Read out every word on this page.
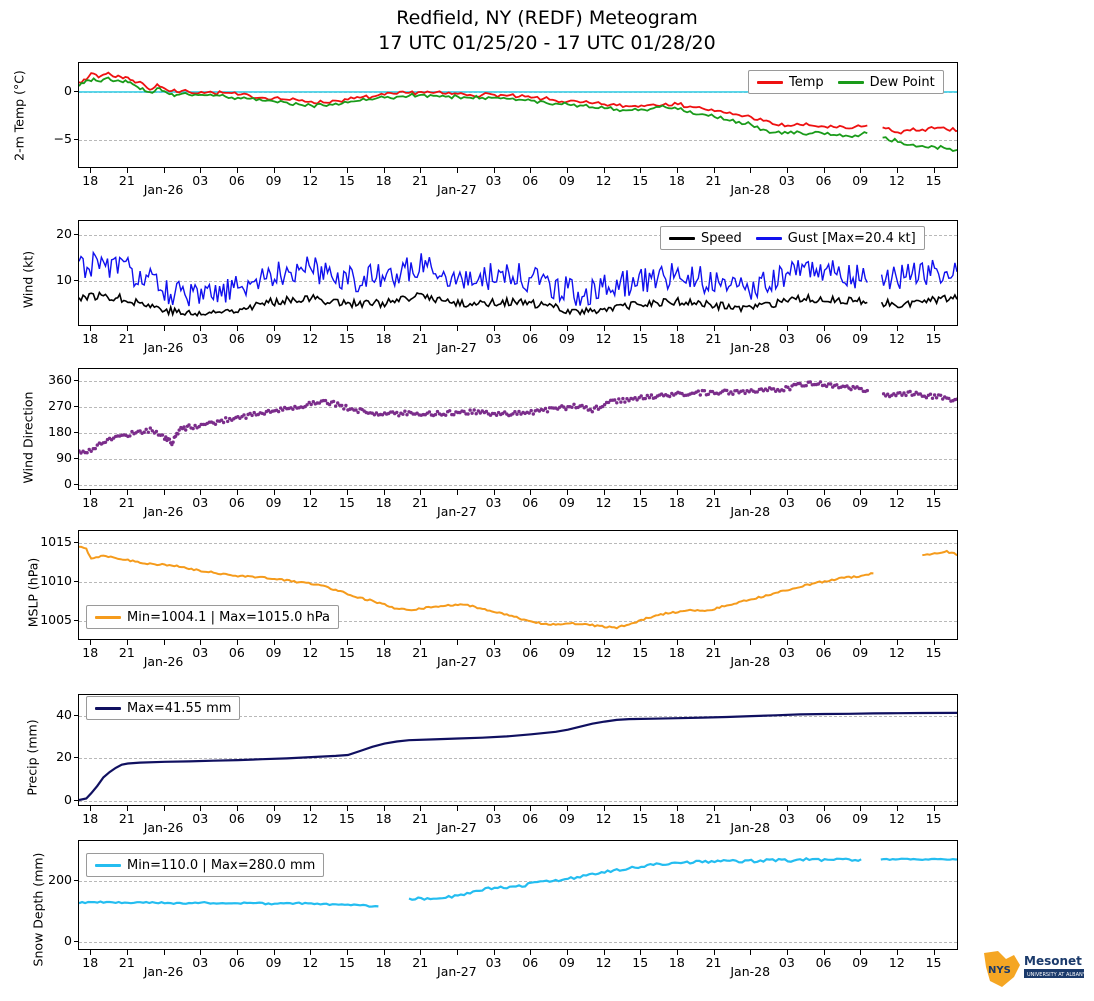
Redfield, NY (REDF) Meteogram
17 UTC 01/25/20 - 17 UTC 01/28/20
2-m Temp (°C)	Temp	Dew Point
Wind (kt)
Speed	Gust [Max=20.4 kt]
Wind Direction
MSLP (hPa)	Min=1004.1 | Max=1015.0 hPa
Precip (mm)
Max=41.55 mm
Snow Depth (mm)	Min=110.0 | Max=280.0 mm
NYS
Mesonet
UNIVERSITY AT ALBANY
−5
0
18	21
Jan-26
03	06	09	12	15	18	21
Jan-27
03	06	09	12	15	18	21
Jan-28
03	06	09	12	15
10
20
18	21
Jan-26
03	06	09	12	15	18	21
Jan-27
03	06	09	12	15	18	21
Jan-28
03	06	09	12	15
0
90
180
270
360
18	21
Jan-26
03	06	09	12	15	18	21
Jan-27
03	06	09	12	15	18	21
Jan-28
03	06	09	12	15
1005
1010
1015
18	21
Jan-26
03	06	09	12	15	18	21
Jan-27
03	06	09	12	15	18	21
Jan-28
03	06	09	12	15
0
20
40
18	21
Jan-26
03	06	09	12	15	18	21
Jan-27
03	06	09	12	15	18	21
Jan-28
03	06	09	12	15
0
200
18	21
Jan-26
03	06	09	12	15	18	21
Jan-27
03	06	09	12	15	18	21
Jan-28
03	06	09	12	15
